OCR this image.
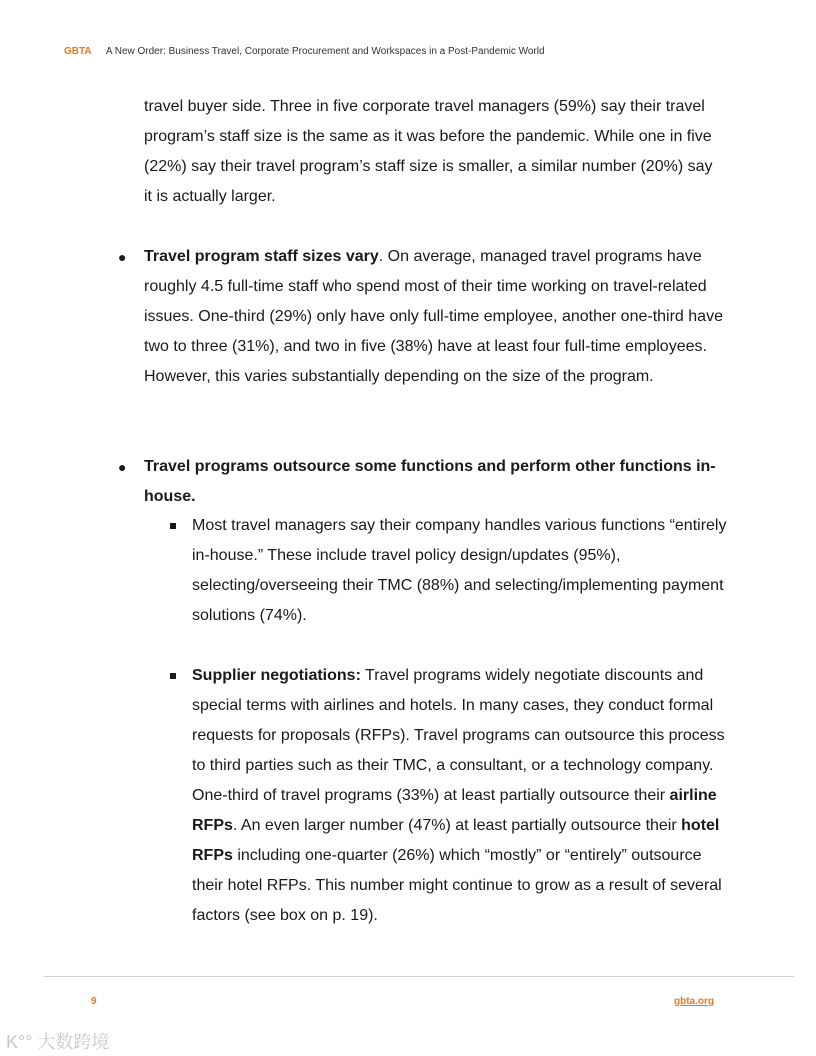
GBTA A New Order: Business Travel, Corporate Procurement and Workspaces in a Post-Pandemic World
travel buyer side. Three in five corporate travel managers (59%) say their travel program’s staff size is the same as it was before the pandemic. While one in five (22%) say their travel program’s staff size is smaller, a similar number (20%) say it is actually larger.
● Travel program staff sizes vary. On average, managed travel programs have roughly 4.5 full-time staff who spend most of their time working on travel-related issues. One-third (29%) only have only full-time employee, another one-third have two to three (31%), and two in five (38%) have at least four full-time employees. However, this varies substantially depending on the size of the program.
● Travel programs outsource some functions and perform other functions in-house.
Most travel managers say their company handles various functions “entirely in-house.” These include travel policy design/updates (95%), selecting/overseeing their TMC (88%) and selecting/implementing payment solutions (74%).
Supplier negotiations: Travel programs widely negotiate discounts and special terms with airlines and hotels. In many cases, they conduct formal requests for proposals (RFPs). Travel programs can outsource this process to third parties such as their TMC, a consultant, or a technology company. One-third of travel programs (33%) at least partially outsource their airline RFPs. An even larger number (47%) at least partially outsource their hotel RFPs including one-quarter (26%) which “mostly” or “entirely” outsource their hotel RFPs. This number might continue to grow as a result of several factors (see box on p. 19).
9	gbta.org
K°° 大数跨境
